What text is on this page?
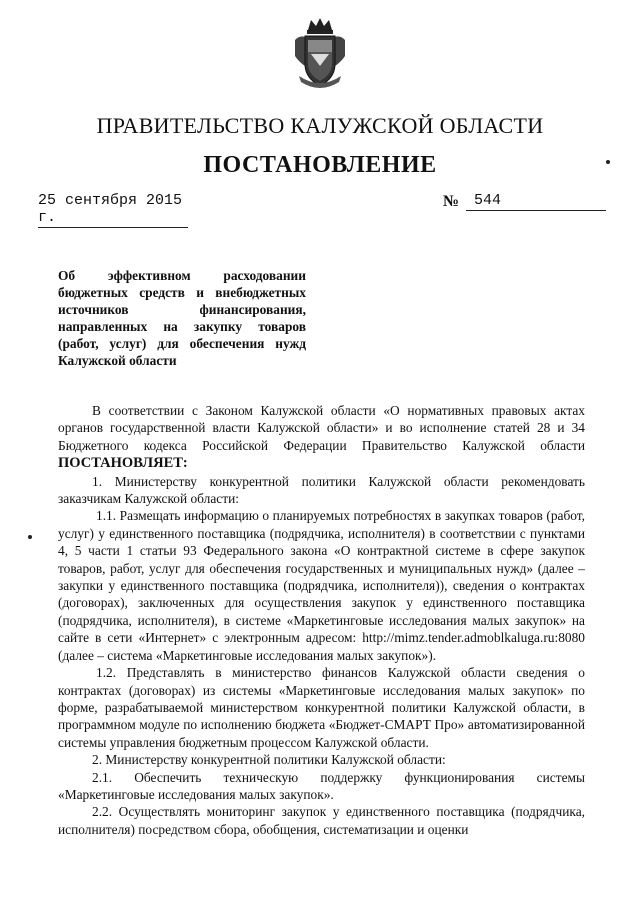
ПРАВИТЕЛЬСТВО КАЛУЖСКОЙ ОБЛАСТИ
ПОСТАНОВЛЕНИЕ
25 сентября 2015 г.
№ 544
Об эффективном расходовании бюджетных средств и внебюджетных источников финансирования, направленных на закупку товаров (работ, услуг) для обеспечения нужд Калужской области

В соответствии с Законом Калужской области «О нормативных правовых актах органов государственной власти Калужской области» и во исполнение статей 28 и 34 Бюджетного кодекса Российской Федерации Правительство Калужской области ПОСТАНОВЛЯЕТ:

1. Министерству конкурентной политики Калужской области рекомендовать заказчикам Калужской области:

1.1. Размещать информацию о планируемых потребностях в закупках товаров (работ, услуг) у единственного поставщика (подрядчика, исполнителя) в соответствии с пунктами 4, 5 части 1 статьи 93 Федерального закона «О контрактной системе в сфере закупок товаров, работ, услуг для обеспечения государственных и муниципальных нужд» (далее – закупки у единственного поставщика (подрядчика, исполнителя)), сведения о контрактах (договорах), заключенных для осуществления закупок у единственного поставщика (подрядчика, исполнителя), в системе «Маркетинговые исследования малых закупок» на сайте в сети «Интернет» с электронным адресом: http://mimz.tender.admoblkaluga.ru:8080 (далее – система «Маркетинговые исследования малых закупок»).

1.2. Представлять в министерство финансов Калужской области сведения о контрактах (договорах) из системы «Маркетинговые исследования малых закупок» по форме, разрабатываемой министерством конкурентной политики Калужской области, в программном модуле по исполнению бюджета «Бюджет-СМАРТ Про» автоматизированной системы управления бюджетным процессом Калужской области.

2. Министерству конкурентной политики Калужской области:

2.1. Обеспечить техническую поддержку функционирования системы «Маркетинговые исследования малых закупок».

2.2. Осуществлять мониторинг закупок у единственного поставщика (подрядчика, исполнителя) посредством сбора, обобщения, систематизации и оценки
